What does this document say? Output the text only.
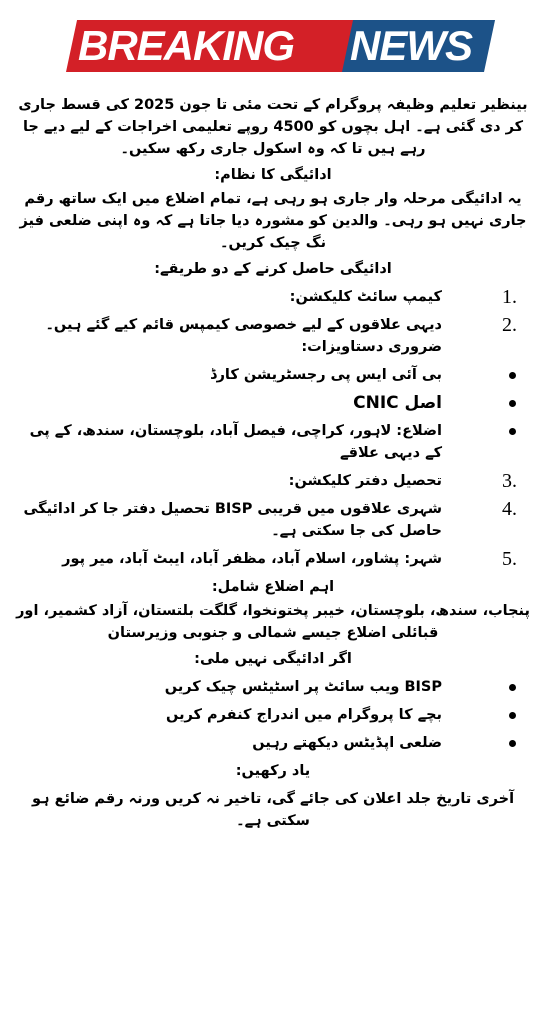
BREAKING NEWS

بینظیر تعلیم وظیفہ پروگرام کے تحت مئی تا جون 2025 کی قسط جاری کر دی گئی ہے۔ اہل بچوں کو 4500 روپے تعلیمی اخراجات کے لیے دیے جا رہے ہیں تا کہ وہ اسکول جاری رکھ سکیں۔

ادائیگی کا نظام:

یہ ادائیگی مرحلہ وار جاری ہو رہی ہے، تمام اضلاع میں ایک ساتھ رقم جاری نہیں ہو رہی۔ والدین کو مشورہ دیا جاتا ہے کہ وہ اپنی ضلعی فیز نگ چیک کریں۔

ادائیگی حاصل کرنے کے دو طریقے:
1.
کیمپ سائٹ کلیکشن:
2.
دیہی علاقوں کے لیے خصوصی کیمپس قائم کیے گئے ہیں۔ ضروری دستاویزات:
بی آئی ایس پی رجسٹریشن کارڈ
اصل CNIC
اضلاع: لاہور، کراچی، فیصل آباد، بلوچستان، سندھ، کے پی کے دیہی علاقے
3.
تحصیل دفتر کلیکشن:
4.
شہری علاقوں میں قریبی BISP تحصیل دفتر جا کر ادائیگی حاصل کی جا سکتی ہے۔
5.
شہر: پشاور، اسلام آباد، مظفر آباد، ایبٹ آباد، میر پور
اہم اضلاع شامل:

پنجاب، سندھ، بلوچستان، خیبر پختونخوا، گلگت بلتستان، آزاد کشمیر، اور قبائلی اضلاع جیسے شمالی و جنوبی وزیرستان

اگر ادائیگی نہیں ملی:
BISP ویب سائٹ پر اسٹیٹس چیک کریں
بچے کا پروگرام میں اندراج کنفرم کریں
ضلعی اپڈیٹس دیکھتے رہیں
یاد رکھیں:

آخری تاریخ جلد اعلان کی جائے گی، تاخیر نہ کریں ورنہ رقم ضائع ہو سکتی ہے۔
